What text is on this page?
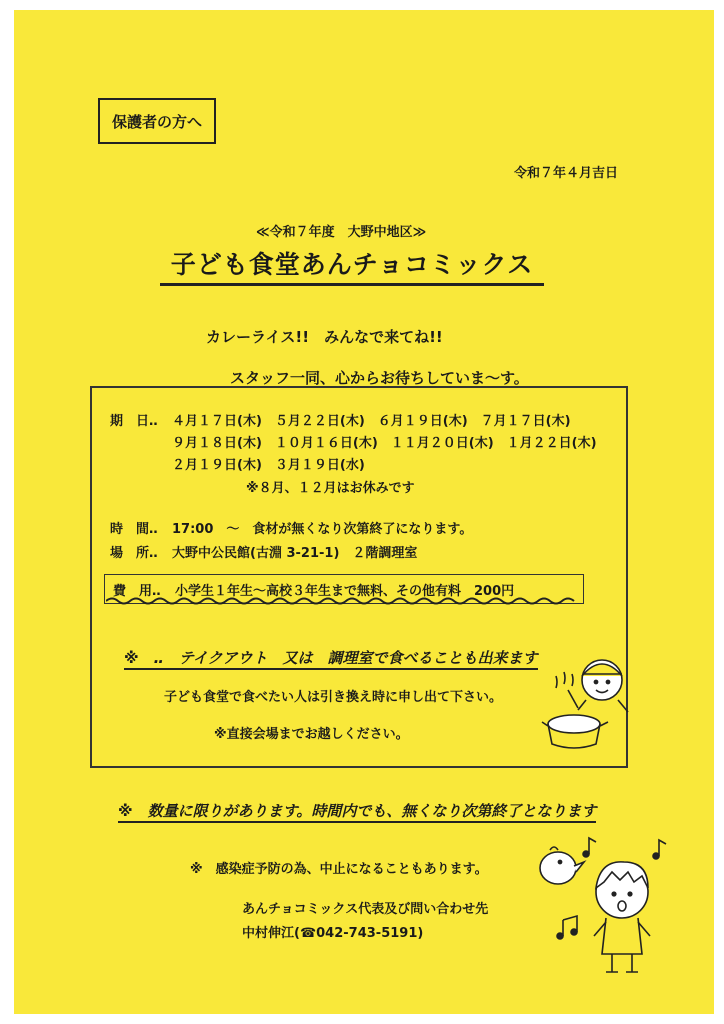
保護者の方へ
令和７年４月吉日
≪令和７年度　大野中地区≫
子ども食堂あんチョコミックス
カレーライス!!　みんなで来てね!!
スタッフ一同、心からお待ちしていま～す。
期　日‥ ４月１７日(木)　５月２２日(木)　６月１９日(木)　７月１７日(木)
９月１８日(木)　１０月１６日(木)　１１月２０日(木)　１月２２日(木)
２月１９日(木)　３月１９日(水)
※８月、１２月はお休みです
時　間‥ 17:00　～　食材が無くなり次第終了になります。
場　所‥ 大野中公民館(古淵 3-21-1)　２階調理室
費　用‥	小学生１年生～高校３年生まで無料、その他有料　200円
※　‥　テイクアウト　又は　調理室で食べることも出来ます
子ども食堂で食べたい人は引き換え時に申し出て下さい。
※直接会場までお越しください。
※　数量に限りがあります。時間内でも、無くなり次第終了となります
※　感染症予防の為、中止になることもあります。
あんチョコミックス代表及び問い合わせ先
中村伸江(☎042-743-5191)
